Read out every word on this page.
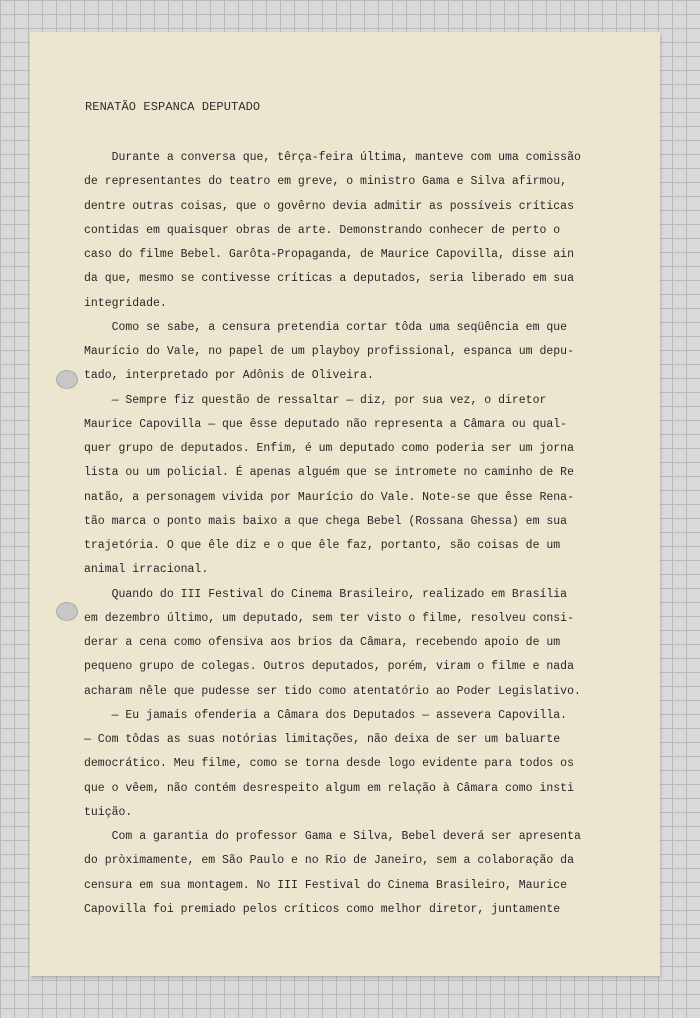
RENATÃO ESPANCA DEPUTADO
Durante a conversa que, têrça-feira última, manteve com uma comissão
de representantes do teatro em greve, o ministro Gama e Silva afirmou,
dentre outras coisas, que o govêrno devia admitir as possíveis críticas
contidas em quaisquer obras de arte. Demonstrando conhecer de perto o
caso do filme Bebel. Garôta-Propaganda, de Maurice Capovilla, disse ain
da que, mesmo se contivesse críticas a deputados, seria liberado em sua
integridade.
Como se sabe, a censura pretendia cortar tôda uma seqüência em que
Maurício do Vale, no papel de um playboy profissional, espanca um depu-
tado, interpretado por Adônis de Oliveira.
— Sempre fiz questão de ressaltar — diz, por sua vez, o diretor
Maurice Capovilla — que êsse deputado não representa a Câmara ou qual-
quer grupo de deputados. Enfim, é um deputado como poderia ser um jorna
lista ou um policial. É apenas alguém que se intromete no caminho de Re
natão, a personagem vivida por Maurício do Vale. Note-se que êsse Rena-
tão marca o ponto mais baixo a que chega Bebel (Rossana Ghessa) em sua
trajetória. O que êle diz e o que êle faz, portanto, são coisas de um
animal irracional.
Quando do III Festival do Cinema Brasileiro, realizado em Brasília
em dezembro último, um deputado, sem ter visto o filme, resolveu consi-
derar a cena como ofensiva aos brios da Câmara, recebendo apoio de um
pequeno grupo de colegas. Outros deputados, porém, viram o filme e nada
acharam nêle que pudesse ser tido como atentatório ao Poder Legislativo.
— Eu jamais ofenderia a Câmara dos Deputados — assevera Capovilla.
— Com tôdas as suas notórias limitações, não deixa de ser um baluarte
democrático. Meu filme, como se torna desde logo evidente para todos os
que o vêem, não contém desrespeito algum em relação à Câmara como insti
tuição.
Com a garantia do professor Gama e Silva, Bebel deverá ser apresenta
do pròximamente, em São Paulo e no Rio de Janeiro, sem a colaboração da
censura em sua montagem. No III Festival do Cinema Brasileiro, Maurice
Capovilla foi premiado pelos críticos como melhor diretor, juntamente
